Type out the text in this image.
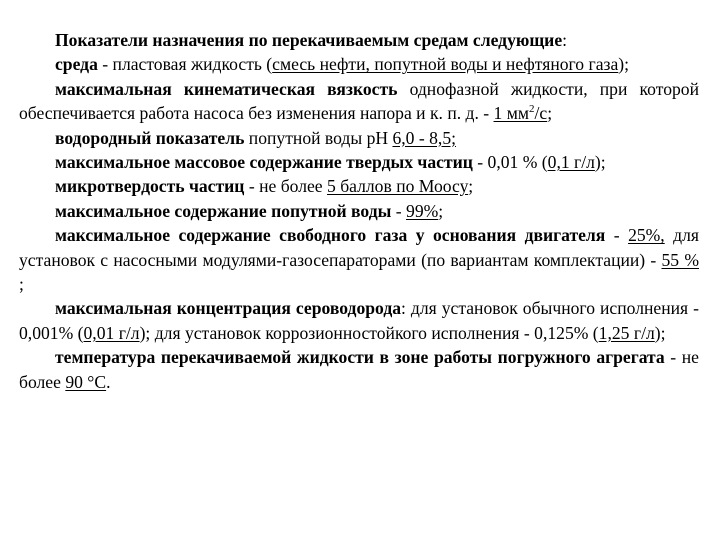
Показатели назначения по перекачиваемым средам следующие:

среда - пластовая жидкость (смесь нефти, попутной воды и нефтяного газа);

максимальная кинематическая вязкость однофазной жидкости, при которой обеспечивается работа насоса без изменения напора и к. п. д. - 1 $мм^2/с$;

водородный показатель попутной воды рН 6,0 - 8,5;

максимальное массовое содержание твердых частиц - 0,01 % (0,1 г/л);

микротвердость частиц - не более 5 баллов по Моосу;

максимальное содержание попутной воды - 99%;

максимальное содержание свободного газа у основания двигателя - 25%, для установок с насосными модулями-газосепараторами (по вариантам комплектации) - 55 % ;

максимальная концентрация сероводорода: для установок обычного исполнения - 0,001% (0,01 г/л); для установок коррозионностойкого исполнения - 0,125% (1,25 г/л);

температура перекачиваемой жидкости в зоне работы погружного агрегата - не более 90 °С.
